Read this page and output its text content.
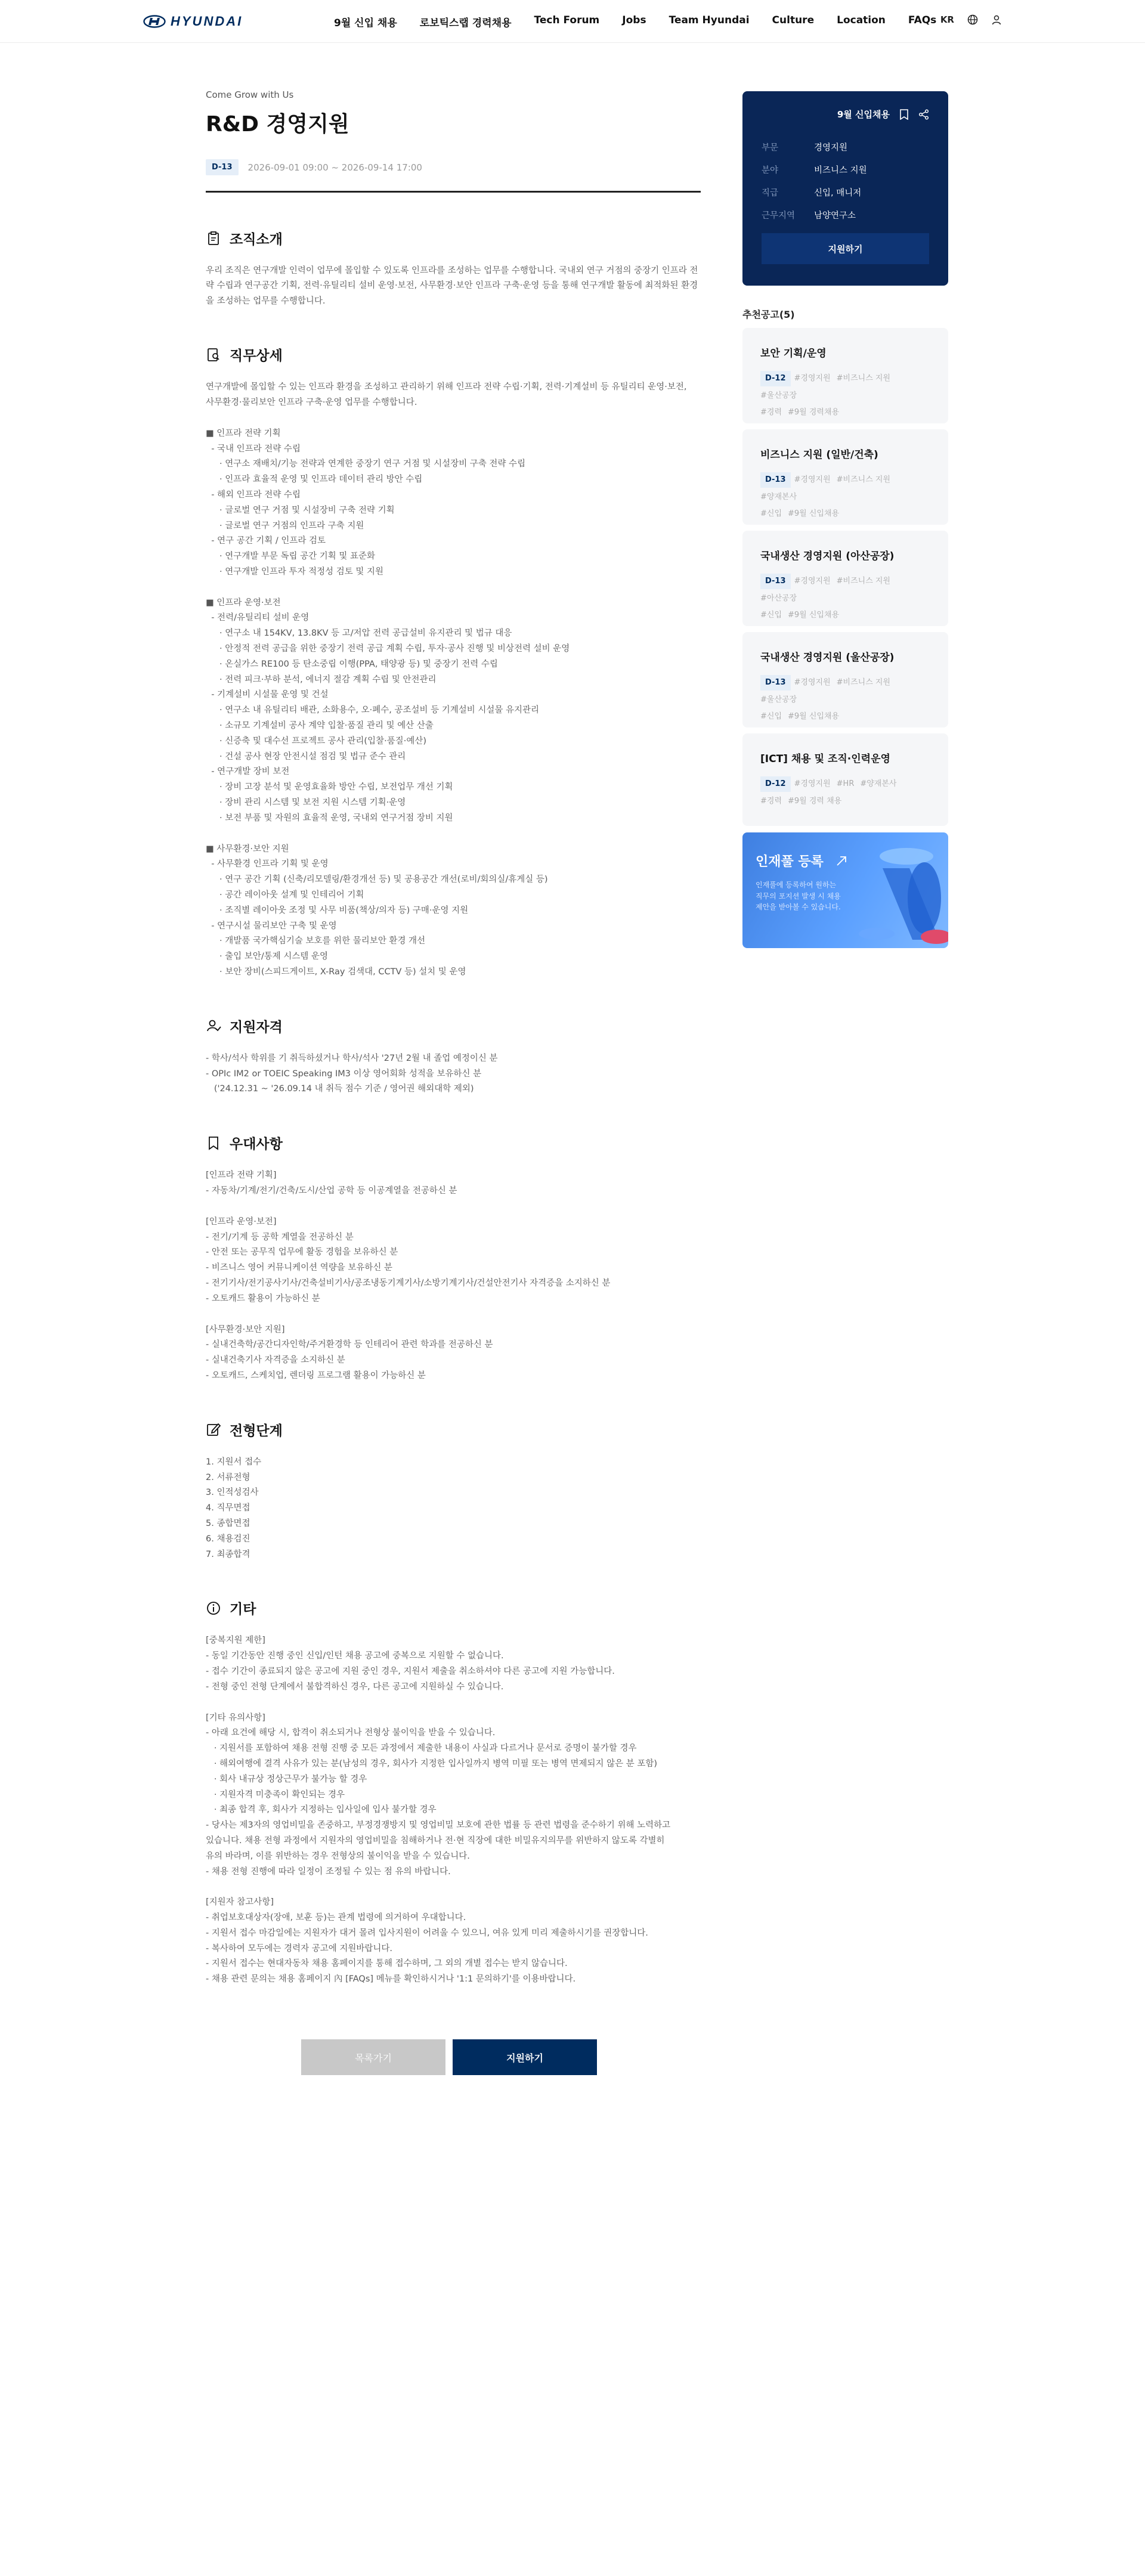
HYUNDAI	9월 신입 채용 로보틱스랩 경력채용 Tech Forum Jobs Team Hyundai Culture Location FAQs KR
Come Grow with Us
R&D 경영지원
D-13	2026-09-01 09:00 ~ 2026-09-14 17:00
조직소개
우리 조직은 연구개발 인력이 업무에 몰입할 수 있도록 인프라를 조성하는 업무를 수행합니다. 국내외 연구 거점의 중장기 인프라 전략 수립과 연구공간 기획, 전력·유틸리티 설비 운영·보전, 사무환경·보안 인프라 구축·운영 등을 통해 연구개발 활동에 최적화된 환경을 조성하는 업무를 수행합니다.
직무상세
연구개발에 몰입할 수 있는 인프라 환경을 조성하고 관리하기 위해 인프라 전략 수립·기획, 전력·기계설비 등 유틸리티 운영·보전,
사무환경·물리보안 인프라 구축·운영 업무를 수행합니다.
■ 인프라 전략 기획
- 국내 인프라 전략 수립
· 연구소 재배치/기능 전략과 연계한 중장기 연구 거점 및 시설장비 구축 전략 수립
· 인프라 효율적 운영 및 인프라 데이터 관리 방안 수립
- 해외 인프라 전략 수립
· 글로벌 연구 거점 및 시설장비 구축 전략 기획
· 글로벌 연구 거점의 인프라 구축 지원
- 연구 공간 기획 / 인프라 검토
· 연구개발 부문 독립 공간 기획 및 표준화
· 연구개발 인프라 투자 적정성 검토 및 지원
■ 인프라 운영·보전
- 전력/유틸리티 설비 운영
· 연구소 내 154KV, 13.8KV 등 고/저압 전력 공급설비 유지관리 및 법규 대응
· 안정적 전력 공급을 위한 중장기 전력 공급 계획 수립, 투자·공사 진행 및 비상전력 설비 운영
· 온실가스 RE100 등 탄소중립 이행(PPA, 태양광 등) 및 중장기 전력 수립
· 전력 피크·부하 분석, 에너지 절감 계획 수립 및 안전관리
- 기계설비 시설물 운영 및 건설
· 연구소 내 유틸리티 배관, 소화용수, 오·폐수, 공조설비 등 기계설비 시설물 유지관리
· 소규모 기계설비 공사 계약 입찰·품질 관리 및 예산 산출
· 신증축 및 대수선 프로젝트 공사 관리(입찰·품질·예산)
· 건설 공사 현장 안전시설 점검 및 법규 준수 관리
- 연구개발 장비 보전
· 장비 고장 분석 및 운영효율화 방안 수립, 보전업무 개선 기획
· 장비 관리 시스템 및 보전 지원 시스템 기획·운영
· 보전 부품 및 자원의 효율적 운영, 국내외 연구거점 장비 지원
■ 사무환경·보안 지원
- 사무환경 인프라 기획 및 운영
· 연구 공간 기획 (신축/리모델링/환경개선 등) 및 공용공간 개선(로비/회의실/휴게실 등)
· 공간 레이아웃 설계 및 인테리어 기획
· 조직별 레이아웃 조정 및 사무 비품(책상/의자 등) 구매·운영 지원
- 연구시설 물리보안 구축 및 운영
· 개발품 국가핵심기술 보호를 위한 물리보안 환경 개선
· 출입 보안/통제 시스템 운영
· 보안 장비(스피드게이트, X-Ray 검색대, CCTV 등) 설치 및 운영
지원자격
- 학사/석사 학위를 기 취득하셨거나 학사/석사 '27년 2월 내 졸업 예정이신 분
- OPIc IM2 or TOEIC Speaking IM3 이상 영어회화 성적을 보유하신 분
('24.12.31 ~ '26.09.14 내 취득 점수 기준 / 영어권 해외대학 제외)
우대사항
[인프라 전략 기획]
- 자동차/기계/전기/건축/도시/산업 공학 등 이공계열을 전공하신 분
[인프라 운영·보전]
- 전기/기계 등 공학 계열을 전공하신 분
- 안전 또는 공무직 업무에 활동 경험을 보유하신 분
- 비즈니스 영어 커뮤니케이션 역량을 보유하신 분
- 전기기사/전기공사기사/건축설비기사/공조냉동기계기사/소방기계기사/건설안전기사 자격증을 소지하신 분
- 오토캐드 활용이 가능하신 분
[사무환경·보안 지원]
- 실내건축학/공간디자인학/주거환경학 등 인테리어 관련 학과를 전공하신 분
- 실내건축기사 자격증을 소지하신 분
- 오토캐드, 스케치업, 렌더링 프로그램 활용이 가능하신 분
전형단계
1. 지원서 접수
2. 서류전형
3. 인적성검사
4. 직무면접
5. 종합면접
6. 채용검진
7. 최종합격
기타
[중복지원 제한]
- 동일 기간동안 진행 중인 신입/인턴 채용 공고에 중복으로 지원할 수 없습니다.
- 접수 기간이 종료되지 않은 공고에 지원 중인 경우, 지원서 제출을 취소하셔야 다른 공고에 지원 가능합니다.
- 전형 중인 전형 단계에서 불합격하신 경우, 다른 공고에 지원하실 수 있습니다.
[기타 유의사항]
- 아래 요건에 해당 시, 합격이 취소되거나 전형상 불이익을 받을 수 있습니다.
· 지원서를 포함하여 채용 전형 진행 중 모든 과정에서 제출한 내용이 사실과 다르거나 문서로 증명이 불가할 경우
· 해외여행에 결격 사유가 있는 분(남성의 경우, 회사가 지정한 입사일까지 병역 미필 또는 병역 면제되지 않은 분 포함)
· 회사 내규상 정상근무가 불가능 할 경우
· 지원자격 미충족이 확인되는 경우
· 최종 합격 후, 회사가 지정하는 입사일에 입사 불가할 경우
- 당사는 제3자의 영업비밀을 존중하고, 부정경쟁방지 및 영업비밀 보호에 관한 법률 등 관련 법령을 준수하기 위해 노력하고
있습니다. 채용 전형 과정에서 지원자의 영업비밀을 침해하거나 전·현 직장에 대한 비밀유지의무를 위반하지 않도록 각별히
유의 바라며, 이를 위반하는 경우 전형상의 불이익을 받을 수 있습니다.
- 채용 전형 진행에 따라 일정이 조정될 수 있는 점 유의 바랍니다.
[지원자 참고사항]
- 취업보호대상자(장애, 보훈 등)는 관계 법령에 의거하여 우대합니다.
- 지원서 접수 마감일에는 지원자가 대거 몰려 입사지원이 어려울 수 있으니, 여유 있게 미리 제출하시기를 권장합니다.
- 복사하여 모두에는 경력자 공고에 지원바랍니다.
- 지원서 접수는 현대자동차 채용 홈페이지를 통해 접수하며, 그 외의 개별 접수는 받지 않습니다.
- 채용 관련 문의는 채용 홈페이지 內 [FAQs] 메뉴를 확인하시거나 '1:1 문의하기'를 이용바랍니다.
목록가기	지원하기
9월 신입채용
부문	경영지원
분야	비즈니스 지원
직급	신입, 매니저
근무지역	남양연구소
지원하기
추천공고(5)
보안 기획/운영
D-12 #경영지원 #비즈니스 지원#울산공장
#경력 #9월 경력채용
비즈니스 지원 (일반/건축)
D-13 #경영지원 #비즈니스 지원#양재본사
#신입 #9월 신입채용
국내생산 경영지원 (아산공장)
D-13 #경영지원 #비즈니스 지원#아산공장
#신입 #9월 신입채용
국내생산 경영지원 (울산공장)
D-13 #경영지원 #비즈니스 지원#울산공장
#신입 #9월 신입채용
[ICT] 채용 및 조직·인력운영
D-12 #경영지원 #HR #양재본사
#경력 #9월 경력 채용
인재풀 등록
인재풀에 등록하여 원하는 직무의 포지션 발생 시 채용 제안을 받아볼 수 있습니다.
